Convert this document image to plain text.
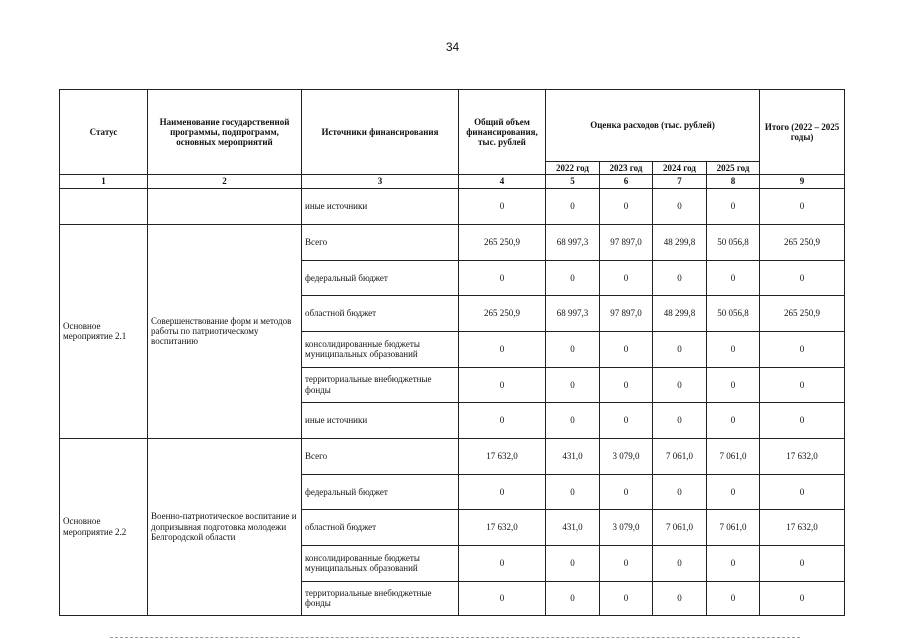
34
Статус	Наименование государственной программы, подпрограмм, основных мероприятий	Источники финансирования	Общий объем финансирования, тыс. рублей	Оценка расходов (тыс. рублей)				Итого (2022 – 2025 годы)
				2022 год	2023 год	2024 год	2025 год	
1	2	3	4	5	6	7	8	9
		иные источники	0	0	0	0	0	0
Основное мероприятие 2.1	Совершенствование форм и методов работы по патриотическому воспитанию	Всего	265 250,9	68 997,3	97 897,0	48 299,8	50 056,8	265 250,9
		федеральный бюджет	0	0	0	0	0	0
		областной бюджет	265 250,9	68 997,3	97 897,0	48 299,8	50 056,8	265 250,9
		консолидированные бюджеты муниципальных образований	0	0	0	0	0	0
		территориальные внебюджетные фонды	0	0	0	0	0	0
		иные источники	0	0	0	0	0	0
Основное мероприятие 2.2	Военно-патриотическое воспитание и допризывная подготовка молодежи Белгородской области	Всего	17 632,0	431,0	3 079,0	7 061,0	7 061,0	17 632,0
		федеральный бюджет	0	0	0	0	0	0
		областной бюджет	17 632,0	431,0	3 079,0	7 061,0	7 061,0	17 632,0
		консолидированные бюджеты муниципальных образований	0	0	0	0	0	0
		территориальные внебюджетные фонды	0	0	0	0	0	0
